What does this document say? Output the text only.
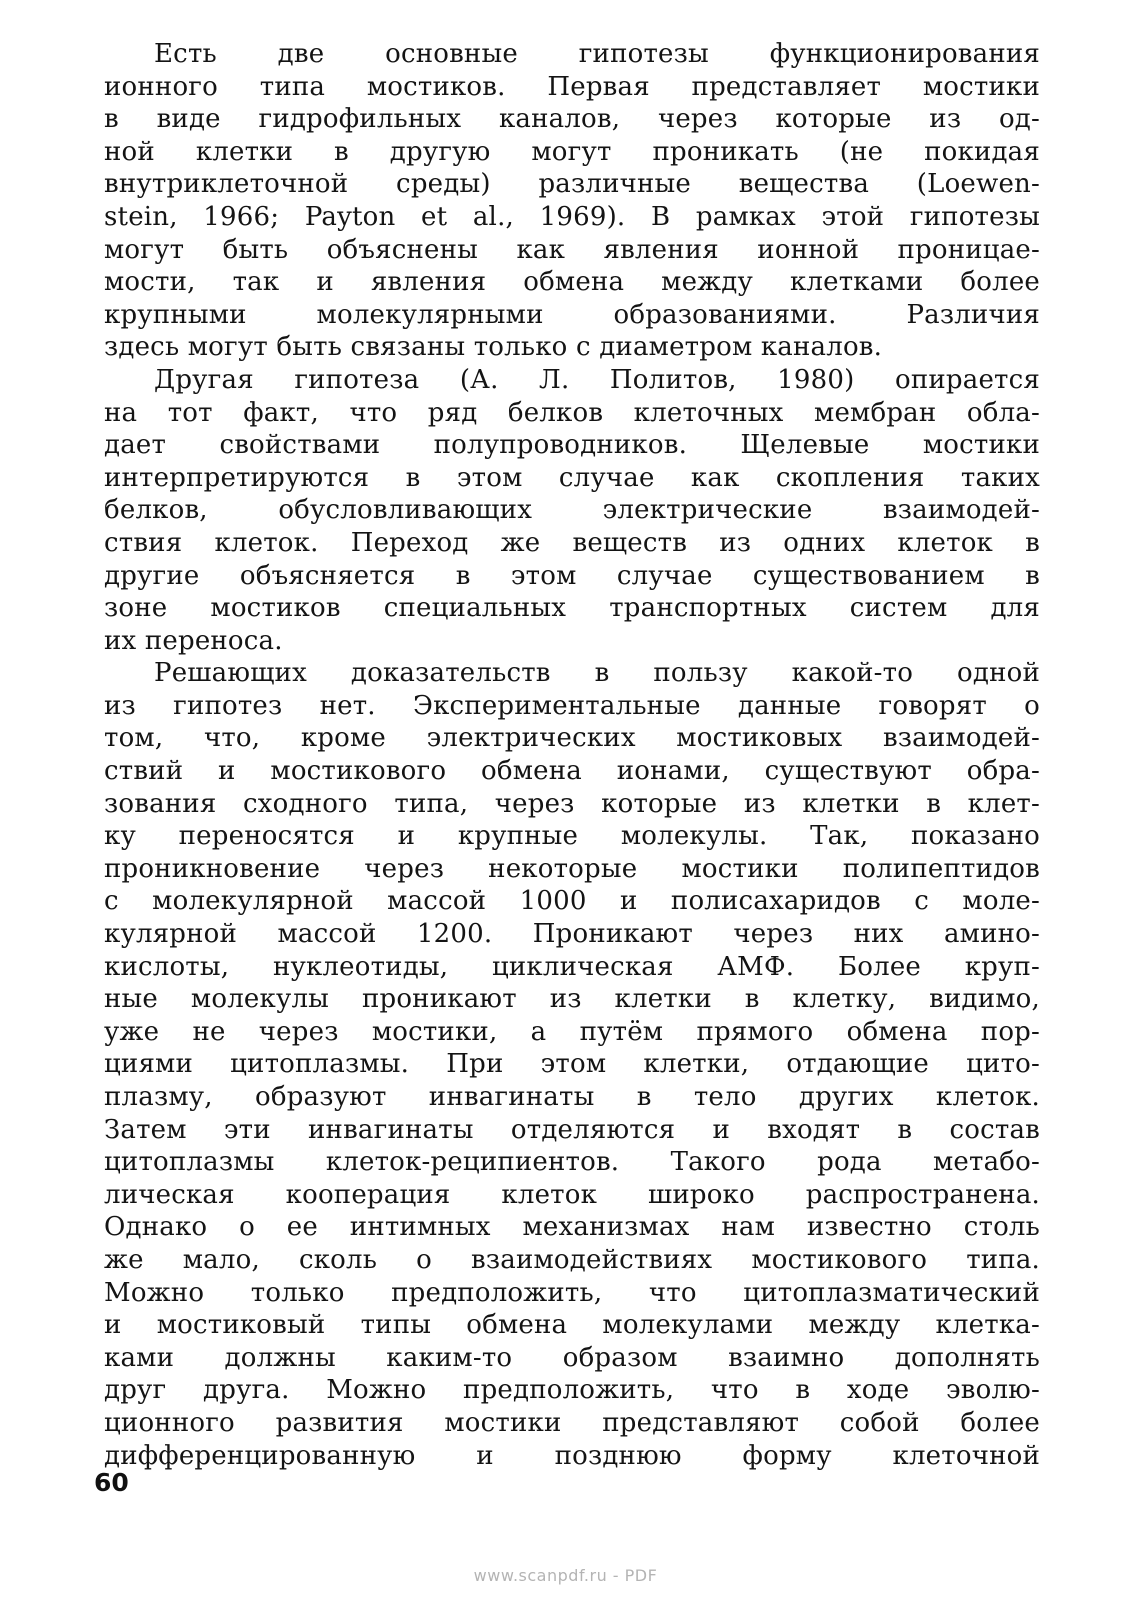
Есть две основные гипотезы функционирования
ионного типа мостиков. Первая представляет мостики
в виде гидрофильных каналов, через которые из од-
ной клетки в другую могут проникать (не покидая
внутриклеточной среды) различные вещества (Loewen-
stein, 1966; Payton et al., 1969). В рамках этой гипотезы
могут быть объяснены как явления ионной проницае-
мости, так и явления обмена между клетками более
крупными молекулярными образованиями. Различия
здесь могут быть связаны только с диаметром каналов.
Другая гипотеза (А. Л. Политов, 1980) опирается
на тот факт, что ряд белков клеточных мембран обла-
дает свойствами полупроводников. Щелевые мостики
интерпретируются в этом случае как скопления таких
белков, обусловливающих электрические взаимодей-
ствия клеток. Переход же веществ из одних клеток в
другие объясняется в этом случае существованием в
зоне мостиков специальных транспортных систем для
их переноса.
Решающих доказательств в пользу какой-то одной
из гипотез нет. Экспериментальные данные говорят о
том, что, кроме электрических мостиковых взаимодей-
ствий и мостикового обмена ионами, существуют обра-
зования сходного типа, через которые из клетки в клет-
ку переносятся и крупные молекулы. Так, показано
проникновение через некоторые мостики полипептидов
с молекулярной массой 1000 и полисахаридов с моле-
кулярной массой 1200. Проникают через них амино-
кислоты, нуклеотиды, циклическая АМФ. Более круп-
ные молекулы проникают из клетки в клетку, видимо,
уже не через мостики, а путём прямого обмена пор-
циями цитоплазмы. При этом клетки, отдающие цито-
плазму, образуют инвагинаты в тело других клеток.
Затем эти инвагинаты отделяются и входят в состав
цитоплазмы клеток-реципиентов. Такого рода метабо-
лическая кооперация клеток широко распространена.
Однако о ее интимных механизмах нам известно столь
же мало, сколь о взаимодействиях мостикового типа.
Можно только предположить, что цитоплазматический
и мостиковый типы обмена молекулами между клетка-
ками должны каким-то образом взаимно дополнять
друг друга. Можно предположить, что в ходе эволю-
ционного развития мостики представляют собой более
дифференцированную и позднюю форму клеточной
60
www.scanpdf.ru - PDF
